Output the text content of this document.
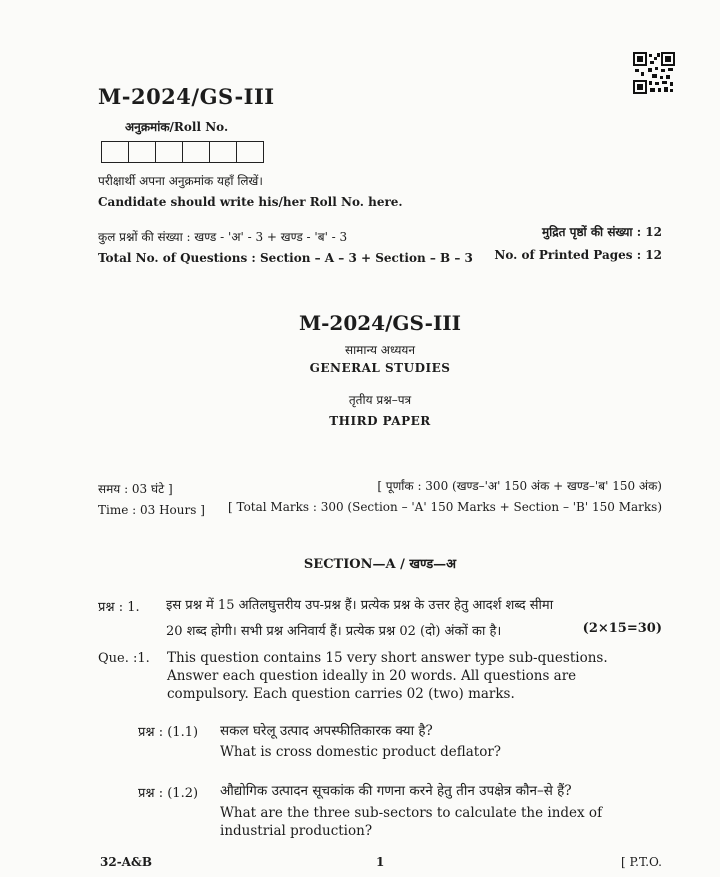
M-2024/GS-III
अनुक्रमांक/Roll No.
परीक्षार्थी अपना अनुक्रमांक यहाँ लिखें।
Candidate should write his/her Roll No. here.
कुल प्रश्नों की संख्या : खण्ड - 'अ' - 3 + खण्ड - 'ब' - 3	मुद्रित पृष्ठों की संख्या : 12
Total No. of Questions : Section – A – 3 + Section – B – 3 No. of Printed Pages : 12
M-2024/GS-III
सामान्य अध्ययन
GENERAL STUDIES
तृतीय प्रश्न–पत्र
THIRD PAPER
समय : 03 घंटे ]	[ पूर्णांक : 300 (खण्ड–'अ' 150 अंक + खण्ड–'ब' 150 अंक)
Time : 03 Hours ] [ Total Marks : 300 (Section – 'A' 150 Marks + Section – 'B' 150 Marks)
SECTION—A / खण्ड—अ
प्रश्न : 1. इस प्रश्न में 15 अतिलघुत्तरीय उप-प्रश्न हैं। प्रत्येक प्रश्न के उत्तर हेतु आदर्श शब्द सीमा
20 शब्द होगी। सभी प्रश्न अनिवार्य हैं। प्रत्येक प्रश्न 02 (दो) अंकों का है।	(2×15=30)
Que. :1. This question contains 15 very short answer type sub-questions.
Answer each question ideally in 20 words. All questions are
compulsory. Each question carries 02 (two) marks.
प्रश्न : (1.1) सकल घरेलू उत्पाद अपस्फीतिकारक क्या है?
What is cross domestic product deflator?
प्रश्न : (1.2) औद्योगिक उत्पादन सूचकांक की गणना करने हेतु तीन उपक्षेत्र कौन–से हैं?
What are the three sub-sectors to calculate the index of
industrial production?
32-A&B	1	[ P.T.O.
